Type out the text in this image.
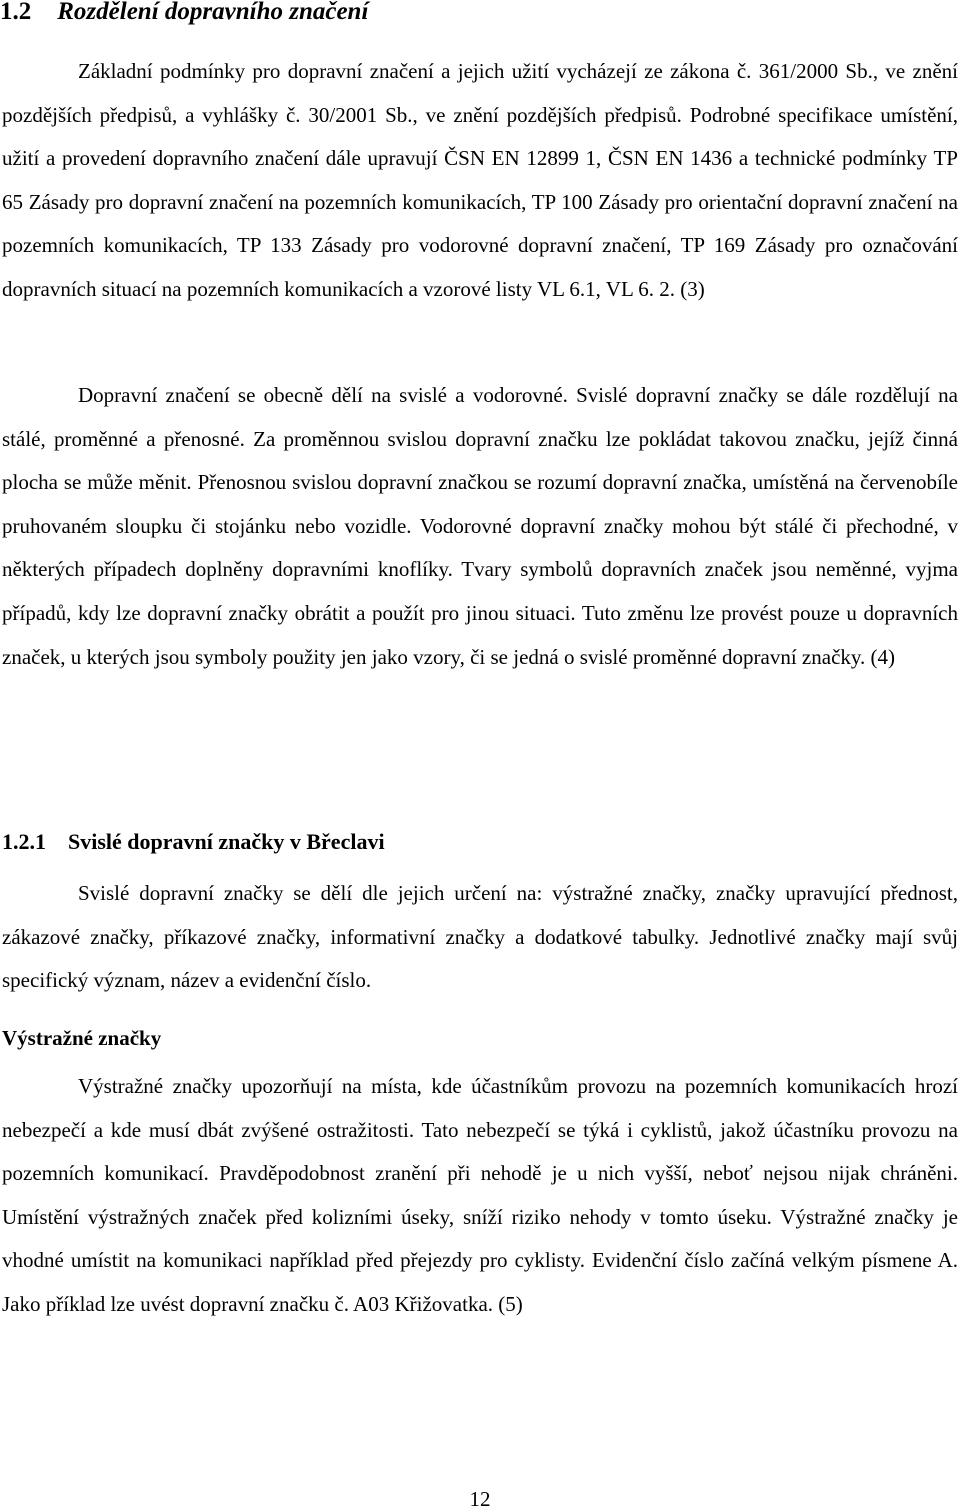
1.2 Rozdělení dopravního značení

Základní podmínky pro dopravní značení a jejich užití vycházejí ze zákona č. 361/2000 Sb., ve znění pozdějších předpisů, a vyhlášky č. 30/2001 Sb., ve znění pozdějších předpisů. Podrobné specifikace umístění, užití a provedení dopravního značení dále upravují ČSN EN 12899 1, ČSN EN 1436 a technické podmínky TP 65 Zásady pro dopravní značení na pozemních komunikacích, TP 100 Zásady pro orientační dopravní značení na pozemních komunikacích, TP 133 Zásady pro vodorovné dopravní značení, TP 169 Zásady pro označování dopravních situací na pozemních komunikacích a vzorové listy VL 6.1, VL 6. 2. (3)

Dopravní značení se obecně dělí na svislé a vodorovné. Svislé dopravní značky se dále rozdělují na stálé, proměnné a přenosné. Za proměnnou svislou dopravní značku lze pokládat takovou značku, jejíž činná plocha se může měnit. Přenosnou svislou dopravní značkou se rozumí dopravní značka, umístěná na červenobíle pruhovaném sloupku či stojánku nebo vozidle. Vodorovné dopravní značky mohou být stálé či přechodné, v některých případech doplněny dopravními knoflíky. Tvary symbolů dopravních značek jsou neměnné, vyjma případů, kdy lze dopravní značky obrátit a použít pro jinou situaci. Tuto změnu lze provést pouze u dopravních značek, u kterých jsou symboly použity jen jako vzory, či se jedná o svislé proměnné dopravní značky. (4)

1.2.1 Svislé dopravní značky v Břeclavi

Svislé dopravní značky se dělí dle jejich určení na: výstražné značky, značky upravující přednost, zákazové značky, příkazové značky, informativní značky a dodatkové tabulky. Jednotlivé značky mají svůj specifický význam, název a evidenční číslo.

Výstražné značky

Výstražné značky upozorňují na místa, kde účastníkům provozu na pozemních komunikacích hrozí nebezpečí a kde musí dbát zvýšené ostražitosti. Tato nebezpečí se týká i cyklistů, jakož účastníku provozu na pozemních komunikací. Pravděpodobnost zranění při nehodě je u nich vyšší, neboť nejsou nijak chráněni. Umístění výstražných značek před kolizními úseky, sníží riziko nehody v tomto úseku. Výstražné značky je vhodné umístit na komunikaci například před přejezdy pro cyklisty. Evidenční číslo začíná velkým písmene A. Jako příklad lze uvést dopravní značku č. A03 Křižovatka. (5)

12
